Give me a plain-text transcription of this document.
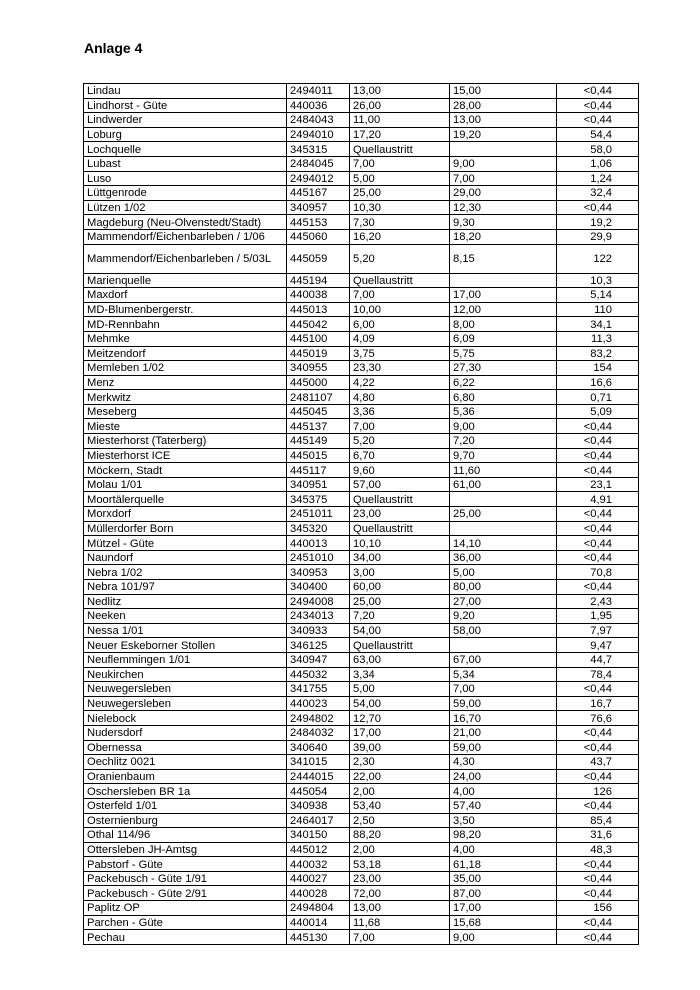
Anlage 4
Lindau	2494011	13,00	15,00	<0,44
Lindhorst - Güte	440036	26,00	28,00	<0,44
Lindwerder	2484043	11,00	13,00	<0,44
Loburg	2494010	17,20	19,20	54,4
Lochquelle	345315	Quellaustritt		58,0
Lubast	2484045	7,00	9,00	1,06
Luso	2494012	5,00	7,00	1,24
Lüttgenrode	445167	25,00	29,00	32,4
Lützen 1/02	340957	10,30	12,30	<0,44
Magdeburg (Neu-Olvenstedt/Stadt)	445153	7,30	9,30	19,2
Mammendorf/Eichenbarleben / 1/06	445060	16,20	18,20	29,9
Mammendorf/Eichenbarleben / 5/03L	445059	5,20	8,15	122
Marienquelle	445194	Quellaustritt		10,3
Maxdorf	440038	7,00	17,00	5,14
MD-Blumenbergerstr.	445013	10,00	12,00	110
MD-Rennbahn	445042	6,00	8,00	34,1
Mehmke	445100	4,09	6,09	11,3
Meitzendorf	445019	3,75	5,75	83,2
Memleben 1/02	340955	23,30	27,30	154
Menz	445000	4,22	6,22	16,6
Merkwitz	2481107	4,80	6,80	0,71
Meseberg	445045	3,36	5,36	5,09
Mieste	445137	7,00	9,00	<0,44
Miesterhorst (Taterberg)	445149	5,20	7,20	<0,44
Miesterhorst ICE	445015	6,70	9,70	<0,44
Möckern, Stadt	445117	9,60	11,60	<0,44
Molau 1/01	340951	57,00	61,00	23,1
Moortälerquelle	345375	Quellaustritt		4,91
Morxdorf	2451011	23,00	25,00	<0,44
Müllerdorfer Born	345320	Quellaustritt		<0,44
Mützel - Güte	440013	10,10	14,10	<0,44
Naundorf	2451010	34,00	36,00	<0,44
Nebra 1/02	340953	3,00	5,00	70,8
Nebra 101/97	340400	60,00	80,00	<0,44
Nedlitz	2494008	25,00	27,00	2,43
Neeken	2434013	7,20	9,20	1,95
Nessa 1/01	340933	54,00	58,00	7,97
Neuer Eskeborner Stollen	346125	Quellaustritt		9,47
Neuflemmingen 1/01	340947	63,00	67,00	44,7
Neukirchen	445032	3,34	5,34	78,4
Neuwegersleben	341755	5,00	7,00	<0,44
Neuwegersleben	440023	54,00	59,00	16,7
Nielebock	2494802	12,70	16,70	76,6
Nudersdorf	2484032	17,00	21,00	<0,44
Obernessa	340640	39,00	59,00	<0,44
Oechlitz 0021	341015	2,30	4,30	43,7
Oranienbaum	2444015	22,00	24,00	<0,44
Oschersleben BR 1a	445054	2,00	4,00	126
Osterfeld 1/01	340938	53,40	57,40	<0,44
Osternienburg	2464017	2,50	3,50	85,4
Othal 114/96	340150	88,20	98,20	31,6
Ottersleben JH-Amtsg	445012	2,00	4,00	48,3
Pabstorf - Güte	440032	53,18	61,18	<0,44
Packebusch - Güte 1/91	440027	23,00	35,00	<0,44
Packebusch - Güte 2/91	440028	72,00	87,00	<0,44
Paplitz OP	2494804	13,00	17,00	156
Parchen - Güte	440014	11,68	15,68	<0,44
Pechau	445130	7,00	9,00	<0,44
